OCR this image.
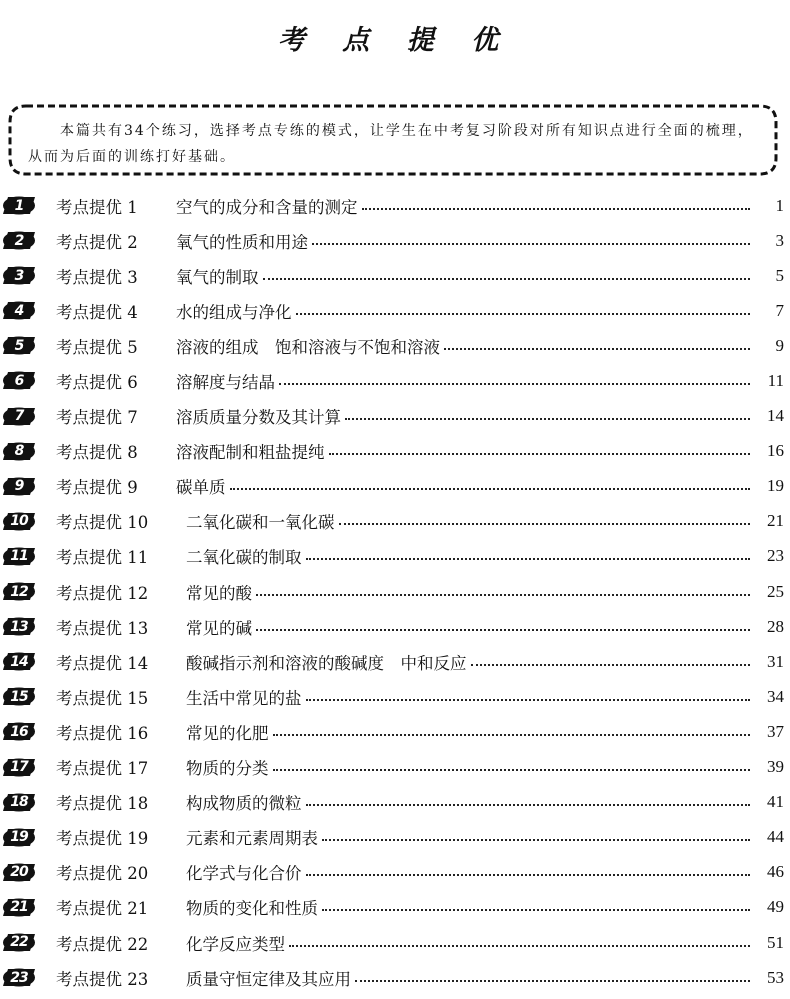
考 点 提 优
本篇共有34个练习，选择考点专练的模式，让学生在中考复习阶段对所有知识点进行全面的梳理，从而为后面的训练打好基础。
1 考点提优 1 空气的成分和含量的测定	1
2 考点提优 2 氧气的性质和用途	3
3 考点提优 3 氧气的制取	5
4 考点提优 4 水的组成与净化	7
5 考点提优 5 溶液的组成　饱和溶液与不饱和溶液	9
6 考点提优 6 溶解度与结晶	11
7 考点提优 7 溶质质量分数及其计算	14
8 考点提优 8 溶液配制和粗盐提纯	16
9 考点提优 9 碳单质	19
10 考点提优 10 二氧化碳和一氧化碳	21
11 考点提优 11 二氧化碳的制取	23
12 考点提优 12 常见的酸	25
13 考点提优 13 常见的碱	28
14 考点提优 14 酸碱指示剂和溶液的酸碱度　中和反应	31
15 考点提优 15 生活中常见的盐	34
16 考点提优 16 常见的化肥	37
17 考点提优 17 物质的分类	39
18 考点提优 18 构成物质的微粒	41
19 考点提优 19 元素和元素周期表	44
20 考点提优 20 化学式与化合价	46
21 考点提优 21 物质的变化和性质	49
22 考点提优 22 化学反应类型	51
23 考点提优 23 质量守恒定律及其应用	53
